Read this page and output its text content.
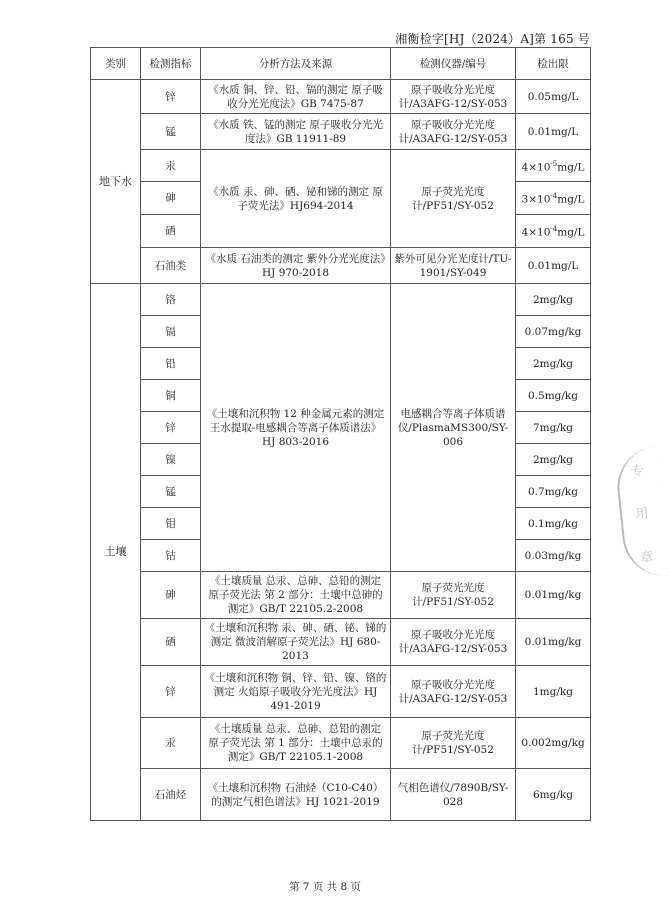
湘衡检字[HJ（2024）A]第 165 号
类别	检测指标	分析方法及来源	检测仪器/编号	检出限
地下水	锌	《水质 铜、锌、铅、镉的测定 原子吸收分光光度法》GB 7475-87	原子吸收分光光度计/A3AFG-12/SY-053	0.05mg/L
	锰	《水质 铁、锰的测定 原子吸收分光光度法》GB 11911-89	原子吸收分光光度计/A3AFG-12/SY-053	0.01mg/L
	汞	《水质 汞、砷、硒、铋和锑的测定 原子荧光法》HJ694-2014	原子荧光光度计/PF51/SY-052	$4\times 10^{-5}mg/L$
	砷			$3\times 10^{-4}mg/L$
	硒			$4\times 10^{-4}mg/L$
	石油类	《水质 石油类的测定 紫外分光光度法》HJ 970-2018	紫外可见分光光度计/TU-1901/SY-049	0.01mg/L
土壤	铬	《土壤和沉积物 12 种金属元素的测定 王水提取-电感耦合等离子体质谱法》HJ 803-2016	电感耦合等离子体质谱仪/PlasmaMS300/SY-006	2mg/kg
	镉			0.07mg/kg
	铅			2mg/kg
	铜			0.5mg/kg
	锌			7mg/kg
	镍			2mg/kg
	锰			0.7mg/kg
	钼			0.1mg/kg
	钴			0.03mg/kg
	砷	《土壤质量 总汞、总砷、总铅的测定 原子荧光法 第 2 部分：土壤中总砷的测定》GB/T 22105.2-2008	原子荧光光度计/PF51/SY-052	0.01mg/kg
	硒	《土壤和沉积物 汞、砷、硒、铋、锑的测定 微波消解原子荧光法》HJ 680-2013	原子吸收分光光度计/A3AFG-12/SY-053	0.01mg/kg
	锌	《土壤和沉积物 铜、锌、铅、镍、铬的测定 火焰原子吸收分光光度法》HJ 491-2019	原子吸收分光光度计/A3AFG-12/SY-053	1mg/kg
	汞	《土壤质量 总汞、总砷、总铅的测定 原子荧光法 第 1 部分：土壤中总汞的测定》GB/T 22105.1-2008	原子荧光光度计/PF51/SY-052	0.002mg/kg
	石油烃	《土壤和沉积物 石油烃（C10-C40）的测定气相色谱法》HJ 1021-2019	气相色谱仪/7890B/SY-028	6mg/kg
专
用
章
第 7 页 共 8 页
